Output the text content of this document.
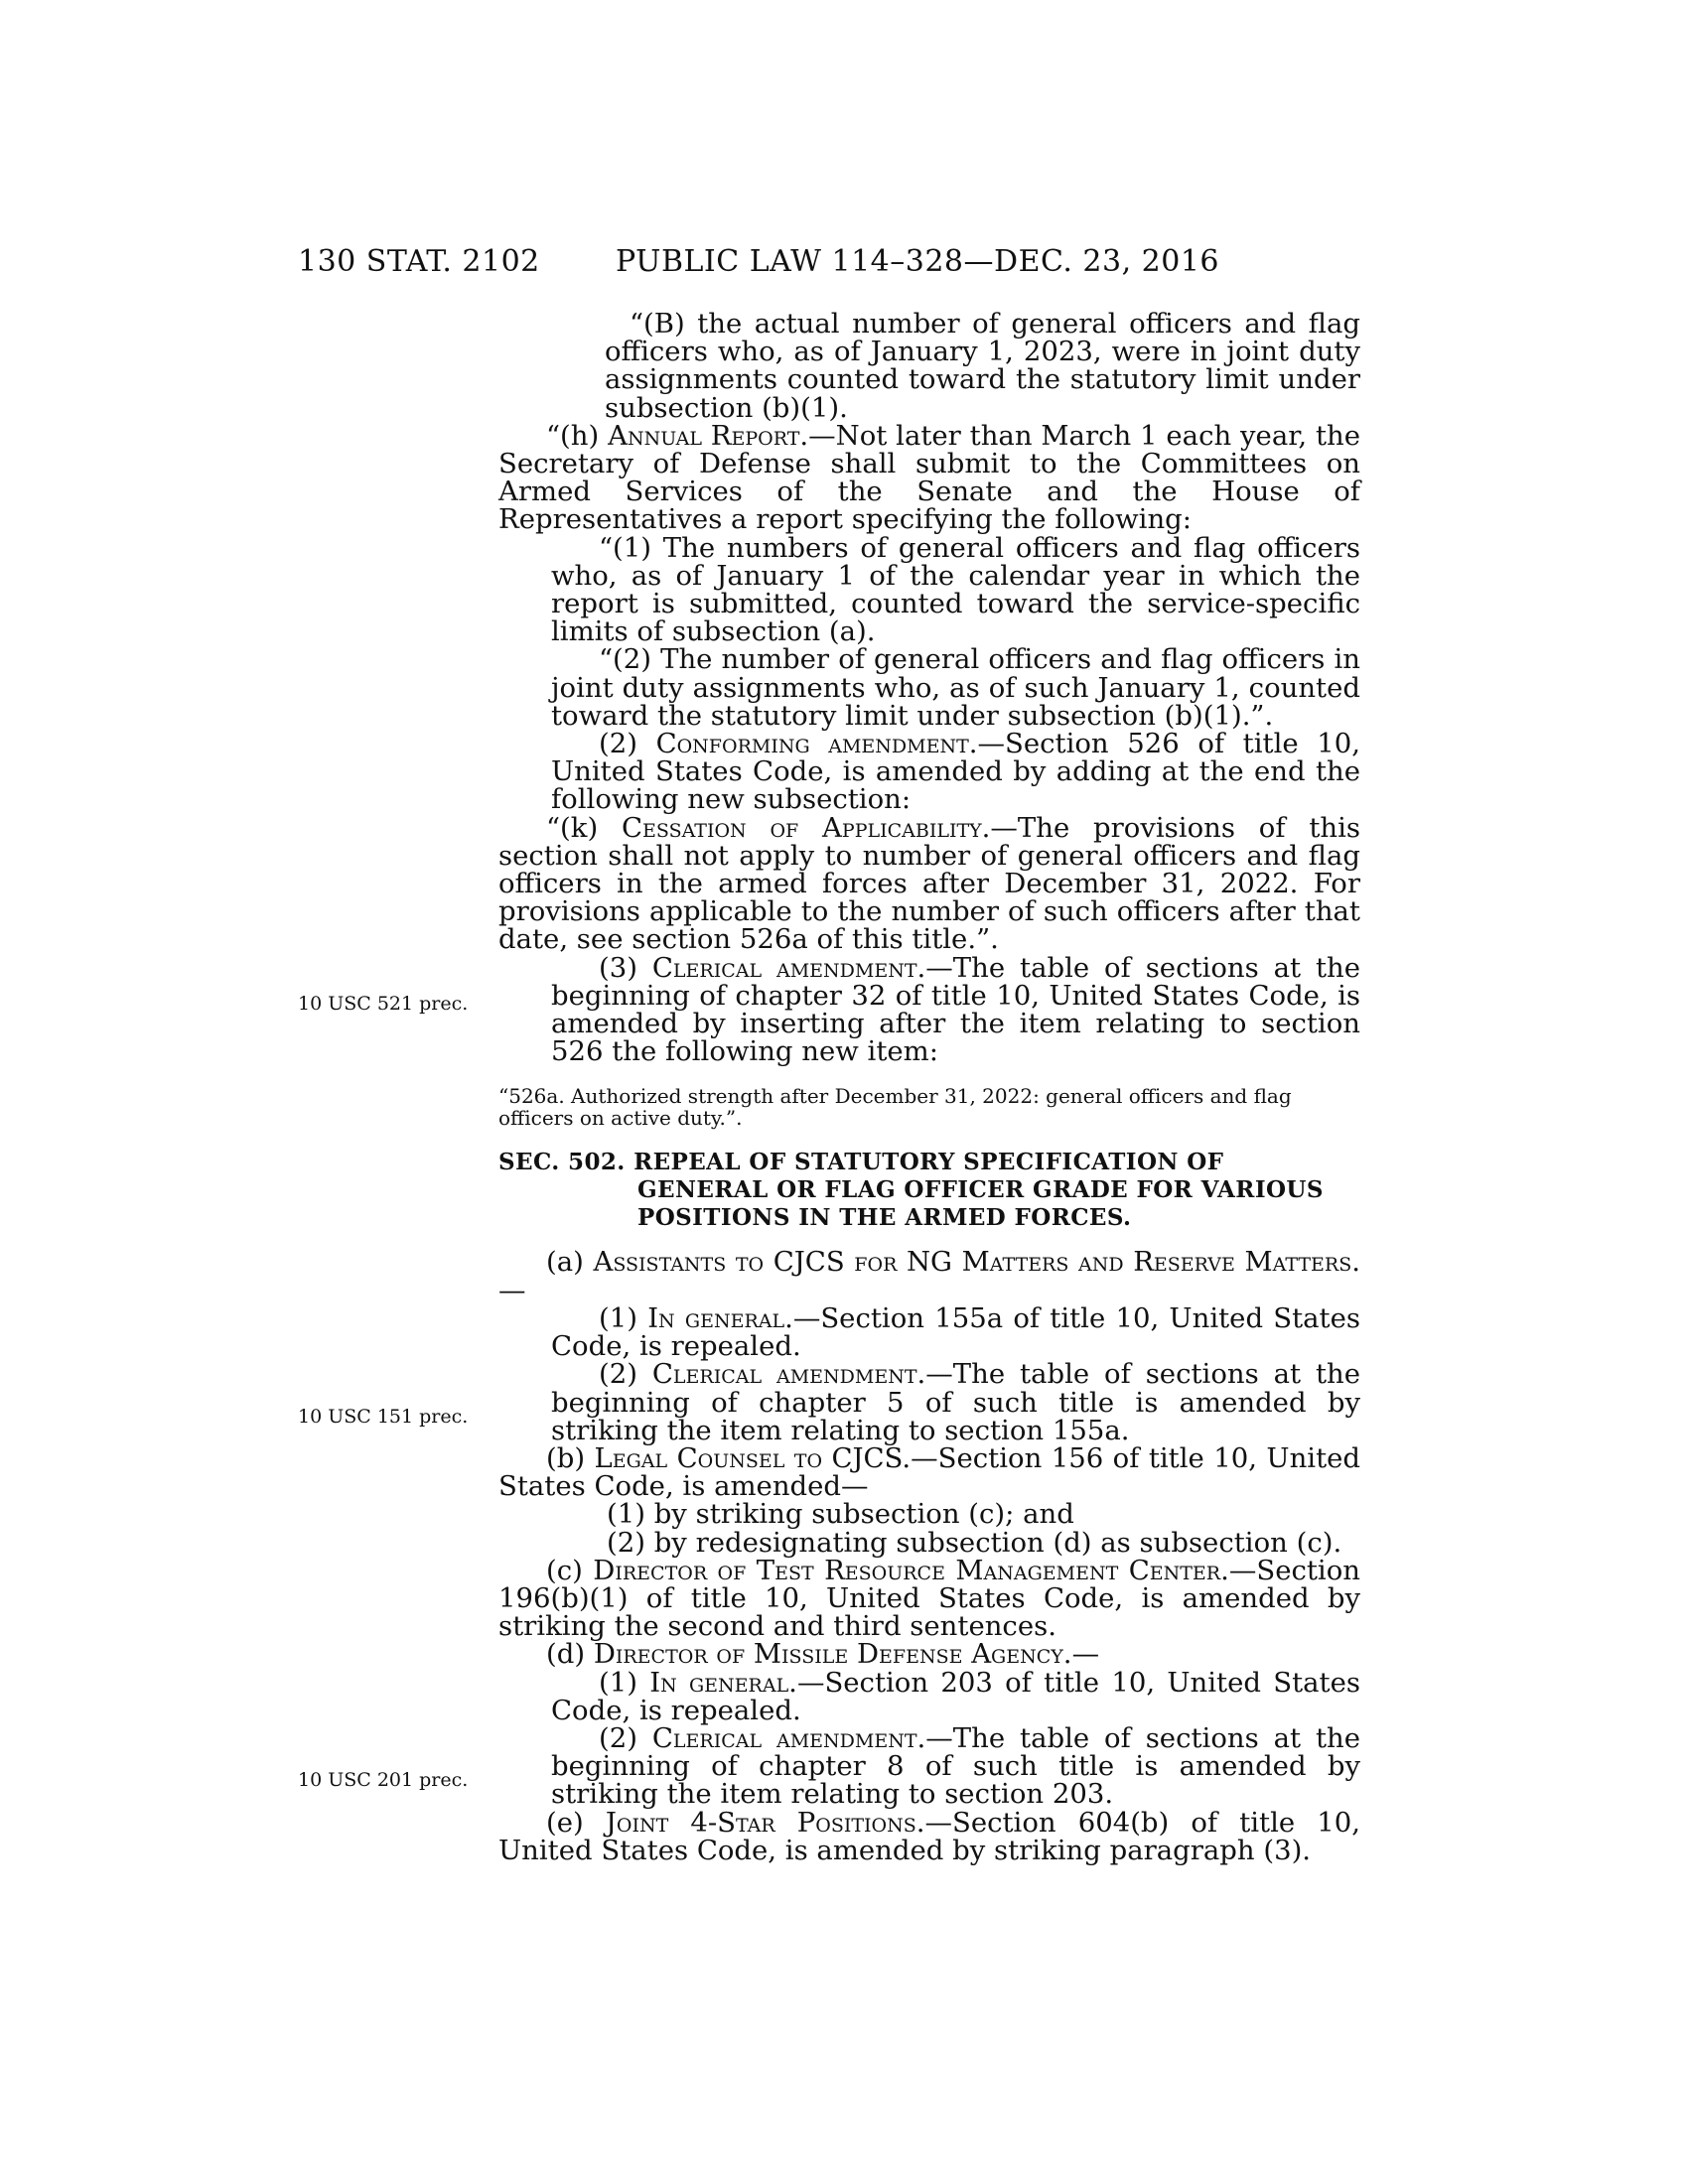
130 STAT. 2102	PUBLIC LAW 114–328—DEC. 23, 2016
10 USC 521 prec.
10 USC 151 prec.
10 USC 201 prec.

“(B) the actual number of general officers and flag officers who, as of January 1, 2023, were in joint duty assignments counted toward the statutory limit under subsection (b)(1).

“(h) Annual Report.—Not later than March 1 each year, the Secretary of Defense shall submit to the Committees on Armed Services of the Senate and the House of Representatives a report specifying the following:

“(1) The numbers of general officers and flag officers who, as of January 1 of the calendar year in which the report is submitted, counted toward the service-specific limits of subsection (a).

“(2) The number of general officers and flag officers in joint duty assignments who, as of such January 1, counted toward the statutory limit under subsection (b)(1).”.

(2) Conforming amendment.—Section 526 of title 10, United States Code, is amended by adding at the end the following new subsection:

“(k) Cessation of Applicability.—The provisions of this section shall not apply to number of general officers and flag officers in the armed forces after December 31, 2022. For provisions applicable to the number of such officers after that date, see section 526a of this title.”.

(3) Clerical amendment.—The table of sections at the beginning of chapter 32 of title 10, United States Code, is amended by inserting after the item relating to section 526 the following new item:

“526a. Authorized strength after December 31, 2022: general officers and flag officers on active duty.”.

SEC. 502. REPEAL OF STATUTORY SPECIFICATION OF GENERAL OR FLAG OFFICER GRADE FOR VARIOUS POSITIONS IN THE ARMED FORCES.

(a) Assistants to CJCS for NG Matters and Reserve Matters.—

(1) In general.—Section 155a of title 10, United States Code, is repealed.

(2) Clerical amendment.—The table of sections at the beginning of chapter 5 of such title is amended by striking the item relating to section 155a.

(b) Legal Counsel to CJCS.—Section 156 of title 10, United States Code, is amended—

(1) by striking subsection (c); and

(2) by redesignating subsection (d) as subsection (c).

(c) Director of Test Resource Management Center.—Section 196(b)(1) of title 10, United States Code, is amended by striking the second and third sentences.

(d) Director of Missile Defense Agency.—

(1) In general.—Section 203 of title 10, United States Code, is repealed.

(2) Clerical amendment.—The table of sections at the beginning of chapter 8 of such title is amended by striking the item relating to section 203.

(e) Joint 4-Star Positions.—Section 604(b) of title 10, United States Code, is amended by striking paragraph (3).
